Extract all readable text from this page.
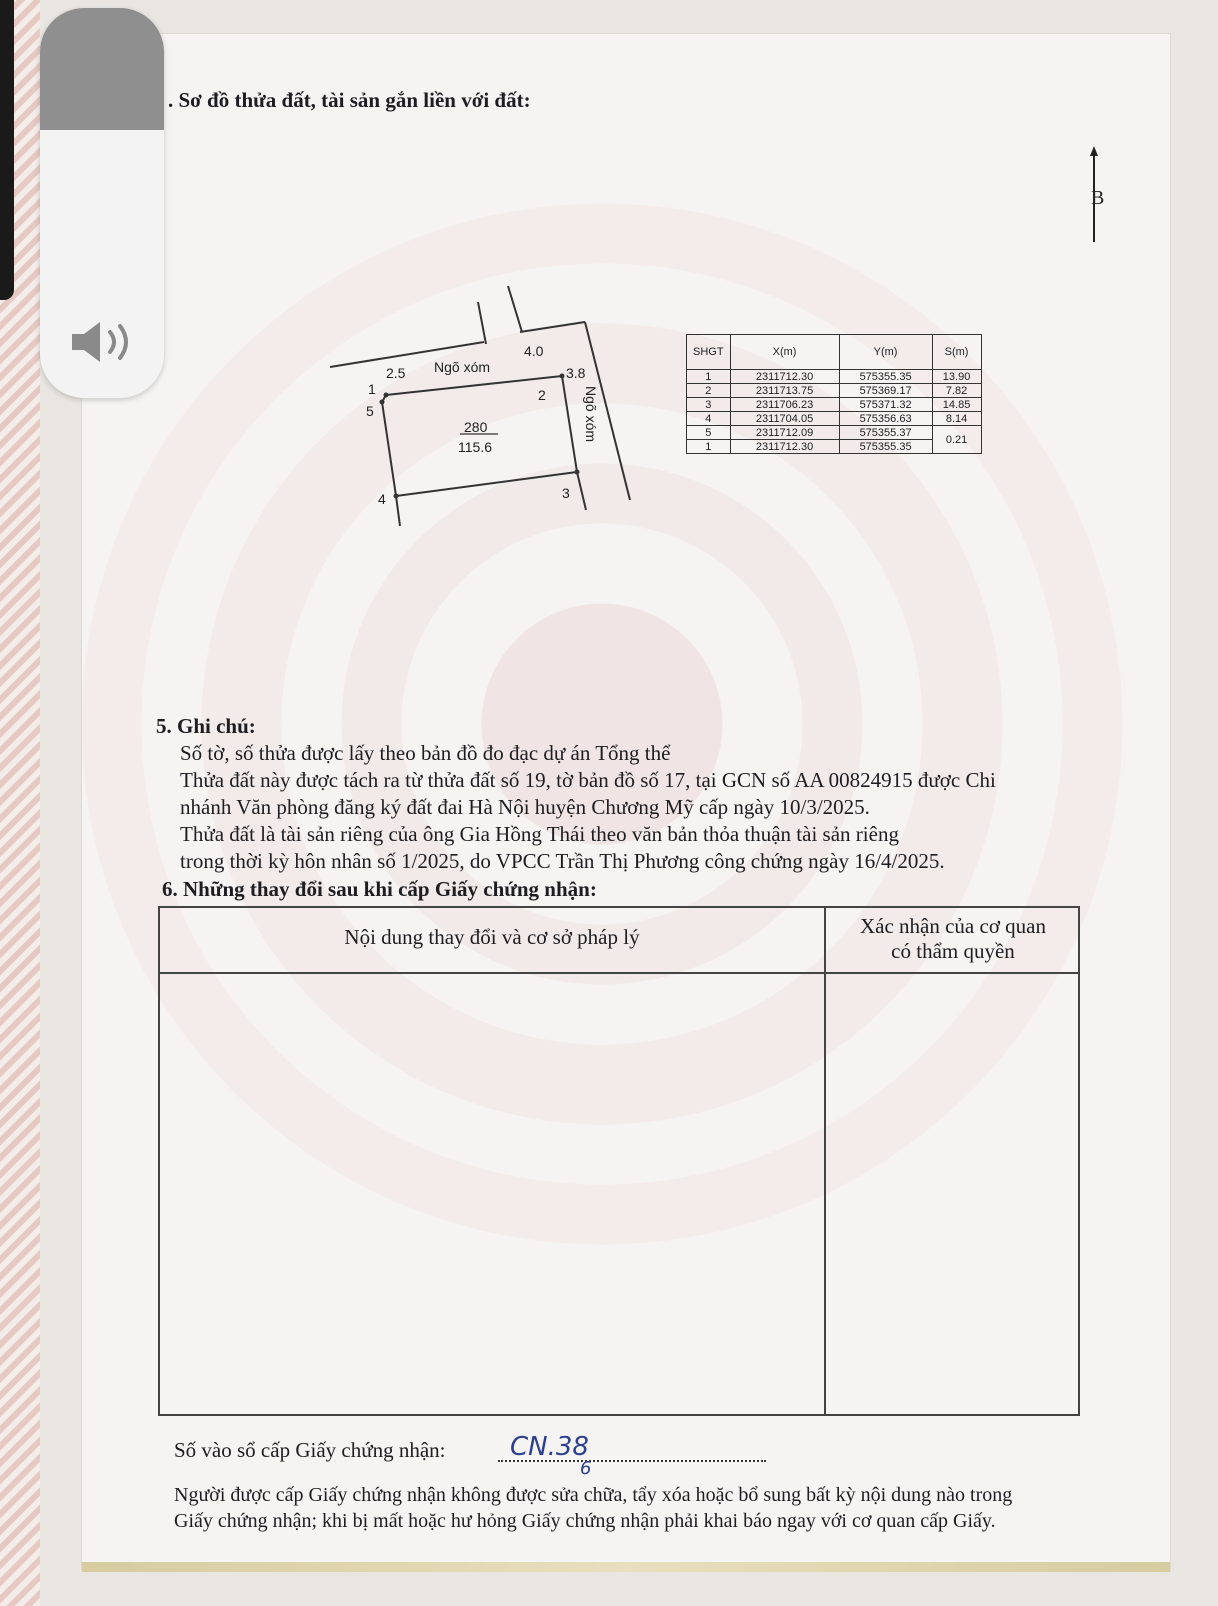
. Sơ đồ thửa đất, tài sản gắn liền với đất:
B
2.5 Ngõ xóm
4.0
3.8
Ngõ xóm
280
115.6
1	2
3
4
5
SHGT	X(m)	Y(m)	S(m)
1	2311712.30	575355.35	13.90
2	2311713.75	575369.17	7.82
3	2311706.23	575371.32	14.85
4	2311704.05	575356.63	8.14
5	2311712.09	575355.37	0.21
1	2311712.30	575355.35	
5. Ghi chú:
Số tờ, số thửa được lấy theo bản đồ đo đạc dự án Tổng thể
Thửa đất này được tách ra từ thửa đất số 19, tờ bản đồ số 17, tại GCN số AA 00824915 được Chi
nhánh Văn phòng đăng ký đất đai Hà Nội huyện Chương Mỹ cấp ngày 10/3/2025.
Thửa đất là tài sản riêng của ông Gia Hồng Thái theo văn bản thỏa thuận tài sản riêng
trong thời kỳ hôn nhân số 1/2025, do VPCC Trần Thị Phương công chứng ngày 16/4/2025.
6. Những thay đổi sau khi cấp Giấy chứng nhận:
Nội dung thay đổi và cơ sở pháp lý	Xác nhận của cơ quan
có thẩm quyền
Số vào sổ cấp Giấy chứng nhận: CN.38
6
Người được cấp Giấy chứng nhận không được sửa chữa, tẩy xóa hoặc bổ sung bất kỳ nội dung nào trong
Giấy chứng nhận; khi bị mất hoặc hư hỏng Giấy chứng nhận phải khai báo ngay với cơ quan cấp Giấy.
